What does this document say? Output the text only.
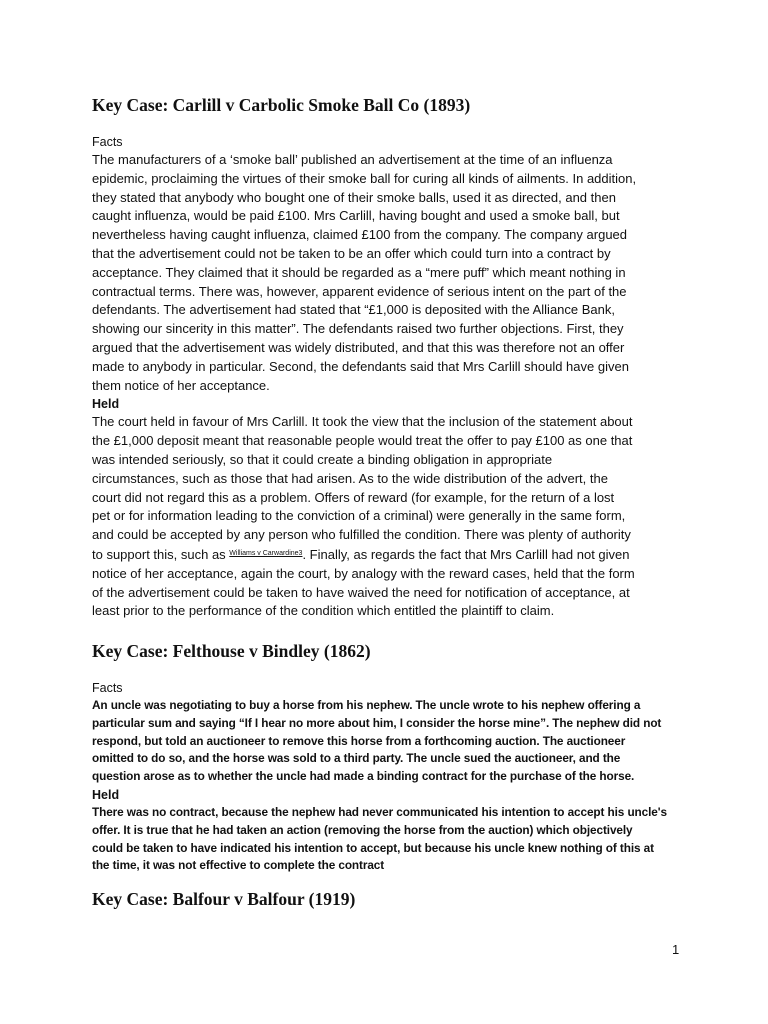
Key Case: Carlill v Carbolic Smoke Ball Co (1893)

Facts

The manufacturers of a ‘smoke ball’ published an advertisement at the time of an influenza
epidemic, proclaiming the virtues of their smoke ball for curing all kinds of ailments. In addition,
they stated that anybody who bought one of their smoke balls, used it as directed, and then
caught influenza, would be paid £100. Mrs Carlill, having bought and used a smoke ball, but
nevertheless having caught influenza, claimed £100 from the company. The company argued
that the advertisement could not be taken to be an offer which could turn into a contract by
acceptance. They claimed that it should be regarded as a “mere puff” which meant nothing in
contractual terms. There was, however, apparent evidence of serious intent on the part of the
defendants. The advertisement had stated that “£1,000 is deposited with the Alliance Bank,
showing our sincerity in this matter”. The defendants raised two further objections. First, they
argued that the advertisement was widely distributed, and that this was therefore not an offer
made to anybody in particular. Second, the defendants said that Mrs Carlill should have given
them notice of her acceptance.

Held

The court held in favour of Mrs Carlill. It took the view that the inclusion of the statement about
the £1,000 deposit meant that reasonable people would treat the offer to pay £100 as one that
was intended seriously, so that it could create a binding obligation in appropriate
circumstances, such as those that had arisen. As to the wide distribution of the advert, the
court did not regard this as a problem. Offers of reward (for example, for the return of a lost
pet or for information leading to the conviction of a criminal) were generally in the same form,
and could be accepted by any person who fulfilled the condition. There was plenty of authority
to support this, such as $^{Williams v Carwardine3}$. Finally, as regards the fact that Mrs Carlill had not given
notice of her acceptance, again the court, by analogy with the reward cases, held that the form
of the advertisement could be taken to have waived the need for notification of acceptance, at
least prior to the performance of the condition which entitled the plaintiff to claim.

Key Case: Felthouse v Bindley (1862)

Facts

An uncle was negotiating to buy a horse from his nephew. The uncle wrote to his nephew offering a
particular sum and saying “If I hear no more about him, I consider the horse mine”. The nephew did not
respond, but told an auctioneer to remove this horse from a forthcoming auction. The auctioneer
omitted to do so, and the horse was sold to a third party. The uncle sued the auctioneer, and the
question arose as to whether the uncle had made a binding contract for the purchase of the horse.

Held

There was no contract, because the nephew had never communicated his intention to accept his uncle's
offer. It is true that he had taken an action (removing the horse from the auction) which objectively
could be taken to have indicated his intention to accept, but because his uncle knew nothing of this at
the time, it was not effective to complete the contract

Key Case: Balfour v Balfour (1919)
1
